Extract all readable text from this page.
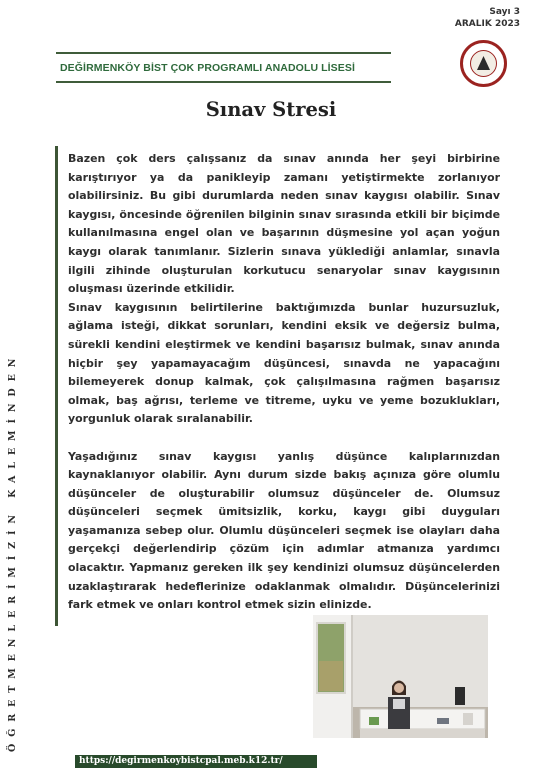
Sayı 3
ARALIK 2023
DEĞİRMENKÖY BİST ÇOK PROGRAMLI ANADOLU LİSESİ
Sınav Stresi
ÖĞRETMENLERİMİZİN KALEMİNDEN

Bazen çok ders çalışsanız da sınav anında her şeyi birbirine karıştırıyor ya da panikleyip zamanı yetiştirmekte zorlanıyor olabilirsiniz. Bu gibi durumlarda neden sınav kaygısı olabilir. Sınav kaygısı, öncesinde öğrenilen bilginin sınav sırasında etkili bir biçimde kullanılmasına engel olan ve başarının düşmesine yol açan yoğun kaygı olarak tanımlanır. Sizlerin sınava yüklediği anlamlar, sınavla ilgili zihinde oluşturulan korkutucu senaryolar sınav kaygısının oluşması üzerinde etkilidir.

Sınav kaygısının belirtilerine baktığımızda bunlar huzursuzluk, ağlama isteği, dikkat sorunları, kendini eksik ve değersiz bulma, sürekli kendini eleştirmek ve kendini başarısız bulmak, sınav anında hiçbir şey yapamayacağım düşüncesi, sınavda ne yapacağını bilemeyerek donup kalmak, çok çalışılmasına rağmen başarısız olmak, baş ağrısı, terleme ve titreme, uyku ve yeme bozuklukları, yorgunluk olarak sıralanabilir.

Yaşadığınız sınav kaygısı yanlış düşünce kalıplarınızdan kaynaklanıyor olabilir. Aynı durum sizde bakış açınıza göre olumlu düşünceler de oluşturabilir olumsuz düşünceler de. Olumsuz düşünceleri seçmek ümitsizlik, korku, kaygı gibi duyguları yaşamanıza sebep olur. Olumlu düşünceleri seçmek ise olayları daha gerçekçi değerlendirip çözüm için adımlar atmanıza yardımcı olacaktır. Yapmanız gereken ilk şey kendinizi olumsuz düşüncelerden uzaklaştırarak hedeflerinize odaklanmak olmalıdır. Düşüncelerinizi fark etmek ve onları kontrol etmek sizin elinizde.

https://degirmenkoybistcpal.meb.k12.tr/
